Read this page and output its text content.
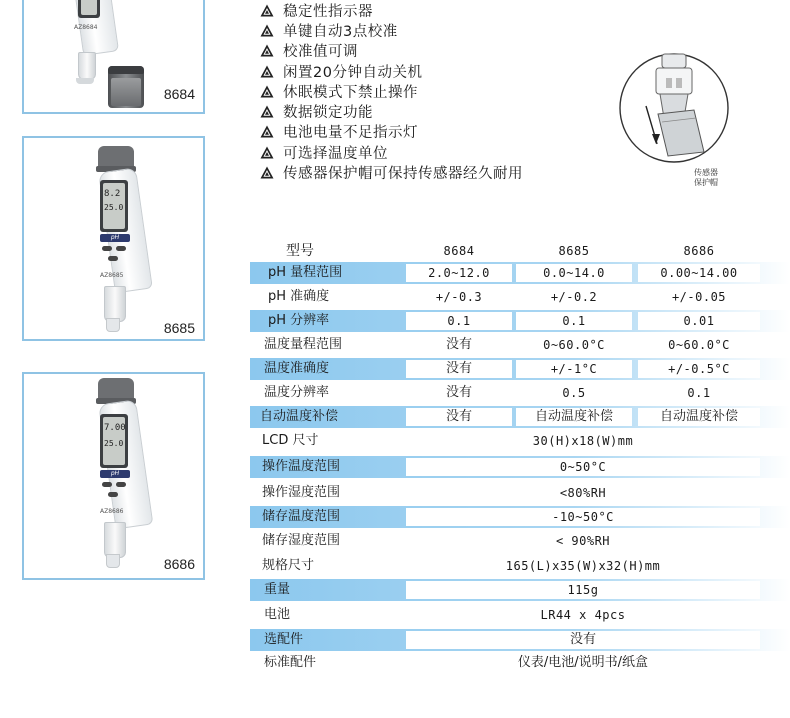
AZ8684
8684
8.2
25.0
pH
AZ8685
8685
7.00
25.0
pH
AZ8686
8686
稳定性指示器
单键自动3点校准
校准值可调
闲置20分钟自动关机
休眠模式下禁止操作
数据锁定功能
电池电量不足指示灯
可选择温度单位
传感器保护帽可保持传感器经久耐用	传感器
保护帽
型号	8684	8685	8686
pH 量程范围	2.0~12.0	0.0~14.0	0.00~14.00
pH 准确度	+/-0.3	+/-0.2	+/-0.05
pH 分辨率	0.1	0.1	0.01
温度量程范围	没有	0~60.0°C	0~60.0°C
温度准确度	没有	+/-1°C	+/-0.5°C
温度分辨率	没有	0.5	0.1
自动温度补偿	没有	自动温度补偿	自动温度补偿
LCD 尺寸	30(H)x18(W)mm
操作温度范围	0~50°C
操作湿度范围	<80%RH
储存温度范围	-10~50°C
储存湿度范围	< 90%RH
规格尺寸	165(L)x35(W)x32(H)mm
重量	115g
电池	LR44 x 4pcs
选配件	没有
标准配件	仪表/电池/说明书/纸盒
